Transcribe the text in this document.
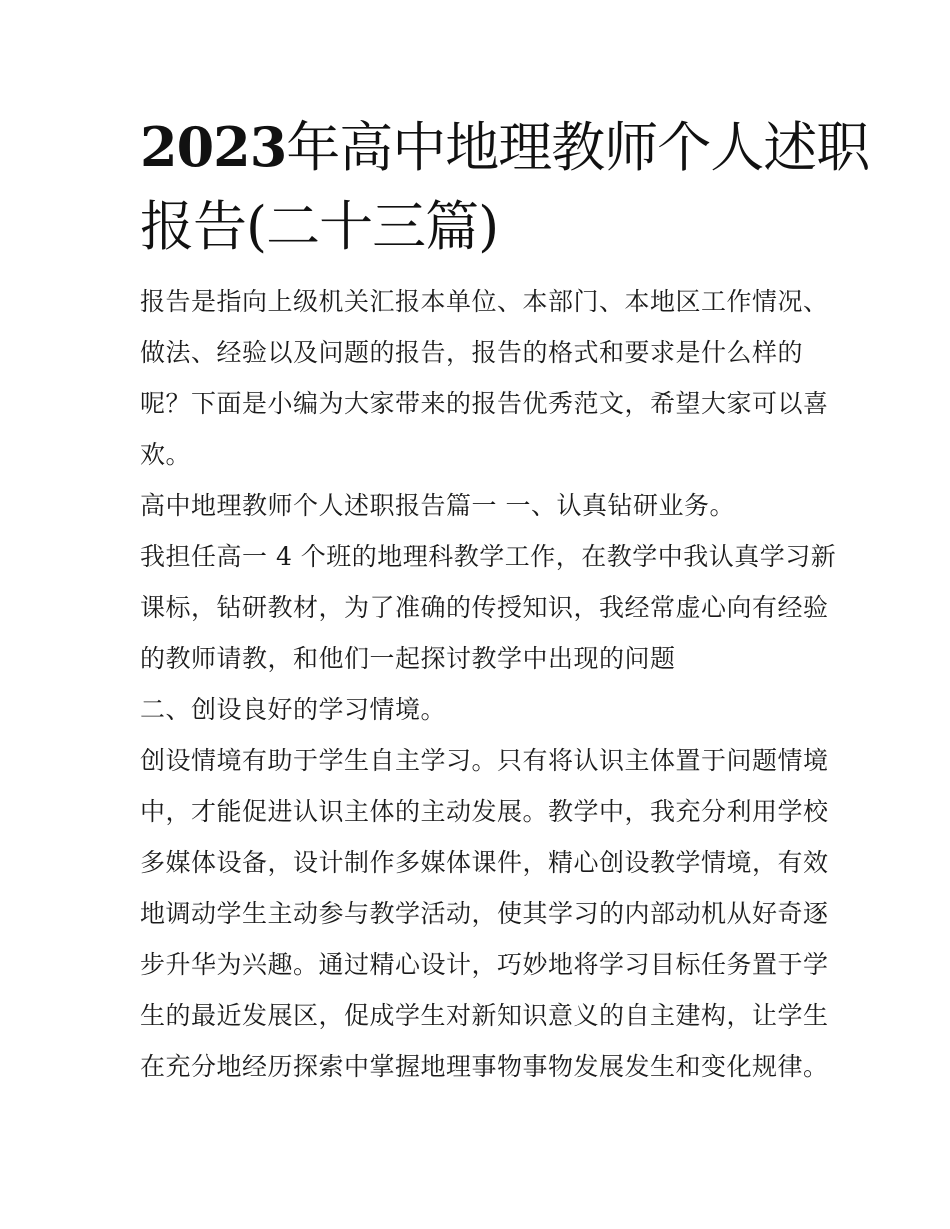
2023年高中地理教师个人述职
报告(二十三篇)
报告是指向上级机关汇报本单位、本部门、本地区工作情况、
做法、经验以及问题的报告，报告的格式和要求是什么样的
呢？下面是小编为大家带来的报告优秀范文，希望大家可以喜
欢。
高中地理教师个人述职报告篇一 一、认真钻研业务。
我担任高一 4 个班的地理科教学工作，在教学中我认真学习新
课标，钻研教材，为了准确的传授知识，我经常虚心向有经验
的教师请教，和他们一起探讨教学中出现的问题
二、创设良好的学习情境。
创设情境有助于学生自主学习。只有将认识主体置于问题情境
中，才能促进认识主体的主动发展。教学中，我充分利用学校
多媒体设备，设计制作多媒体课件，精心创设教学情境，有效
地调动学生主动参与教学活动，使其学习的内部动机从好奇逐
步升华为兴趣。通过精心设计，巧妙地将学习目标任务置于学
生的最近发展区，促成学生对新知识意义的自主建构，让学生
在充分地经历探索中掌握地理事物事物发展发生和变化规律。
